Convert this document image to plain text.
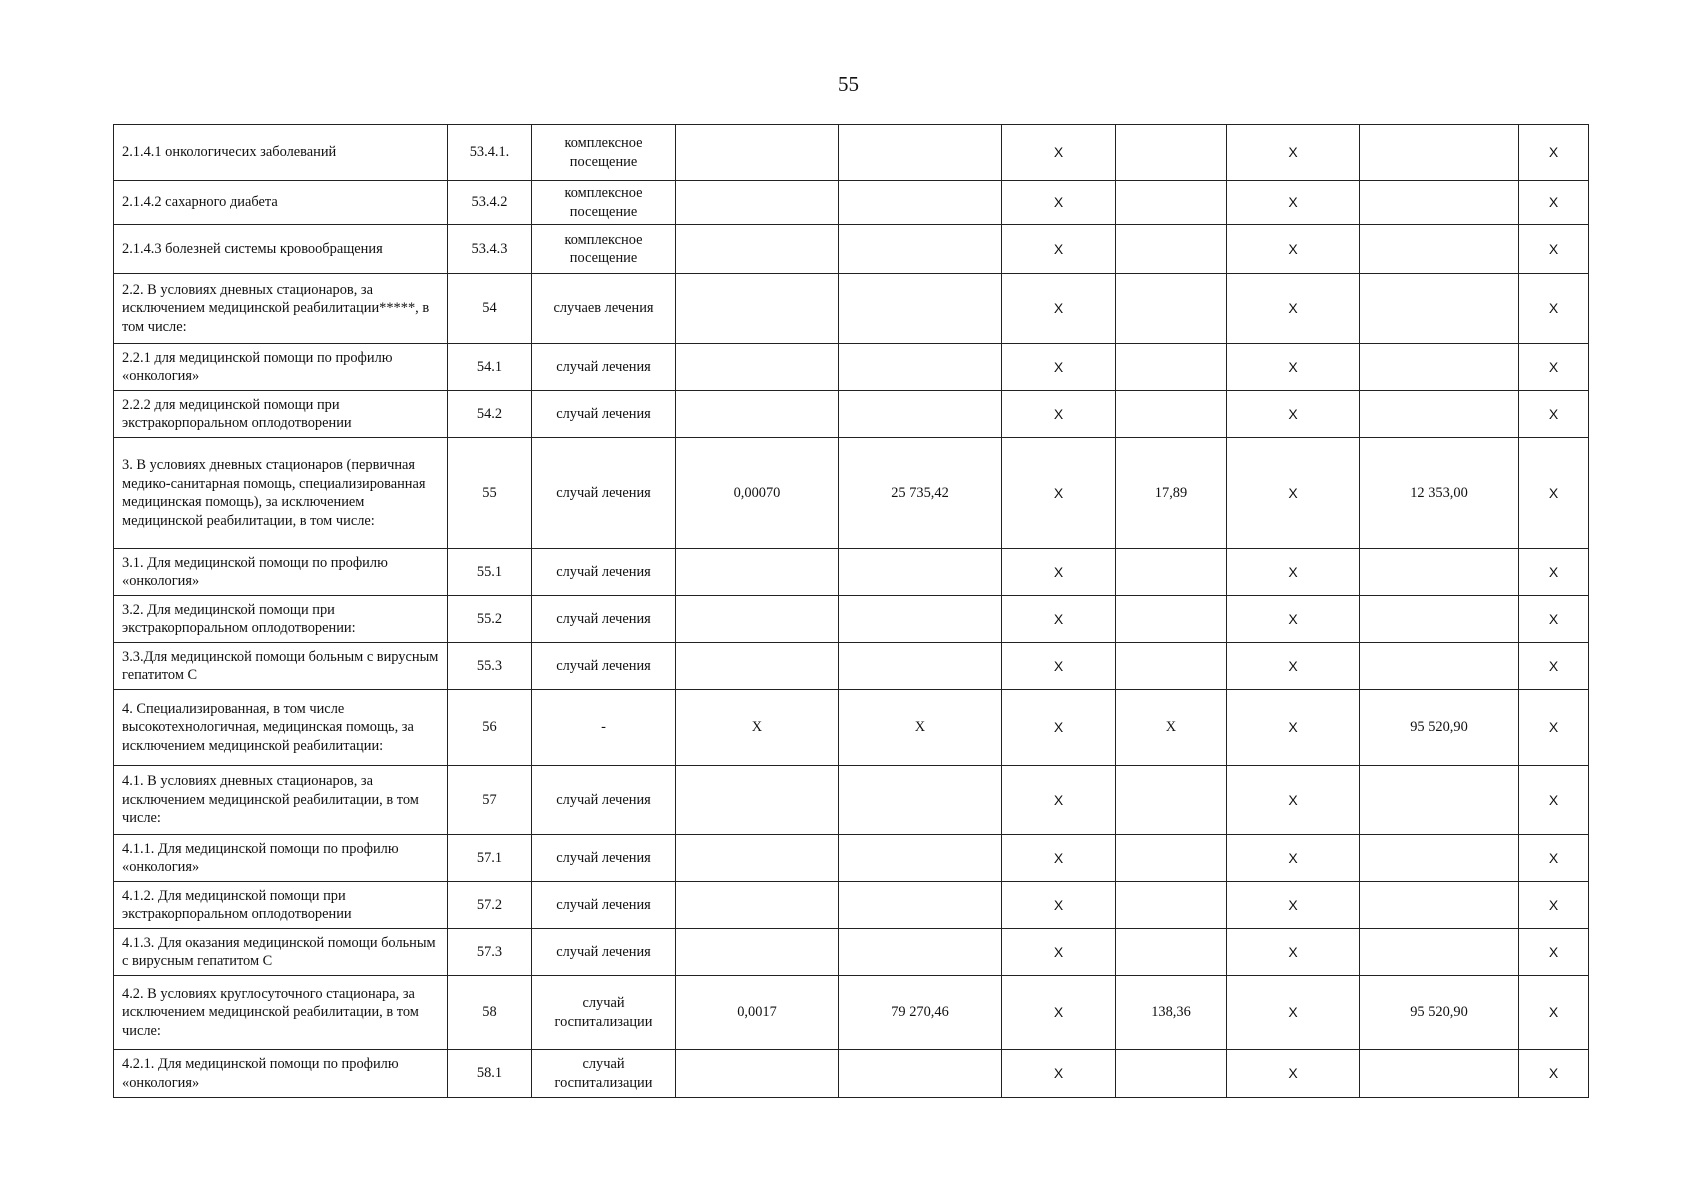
55
2.1.4.1 онкологичесиx заболеваний	53.4.1.	комплексное посещение			X		X		X
2.1.4.2 сахарного диабета	53.4.2	комплексное посещение			X		X		X
2.1.4.3 болезней системы кровообращения	53.4.3	комплексное посещение			X		X		X
2.2. В условиях дневных стационаров, за исключением медицинской реабилитации*****, в том числе:	54	случаев лечения			X		X		X
2.2.1 для медицинской помощи по профилю «онкология»	54.1	случай лечения			X		X		X
2.2.2 для медицинской помощи при экстракорпоральном оплодотворении	54.2	случай лечения			X		X		X
3. В условиях дневных стационаров (первичная медико-санитарная помощь, специализированная медицинская помощь), за исключением медицинской реабилитации, в том числе:	55	случай лечения	0,00070	25 735,42	X	17,89	X	12 353,00	X
3.1. Для медицинской помощи по профилю «онкология»	55.1	случай лечения			X		X		X
3.2. Для медицинской помощи при экстракорпоральном оплодотворении:	55.2	случай лечения			X		X		X
3.3.Для медицинской помощи больным с вирусным гепатитом С	55.3	случай лечения			X		X		X
4. Специализированная, в том числе высокотехнологичная, медицинская помощь, за исключением медицинской реабилитации:	56	-	X	X	X	X	X	95 520,90	X
4.1. В условиях дневных стационаров, за исключением медицинской реабилитации, в том числе:	57	случай лечения			X		X		X
4.1.1. Для медицинской помощи по профилю «онкология»	57.1	случай лечения			X		X		X
4.1.2. Для медицинской помощи при экстракорпоральном оплодотворении	57.2	случай лечения			X		X		X
4.1.3. Для оказания медицинской помощи больным с вирусным гепатитом С	57.3	случай лечения			X		X		X
4.2. В условиях круглосуточного стационара, за исключением медицинской реабилитации, в том числе:	58	случай госпитализации	0,0017	79 270,46	X	138,36	X	95 520,90	X
4.2.1. Для медицинской помощи по профилю «онкология»	58.1	случай госпитализации			X		X		X
